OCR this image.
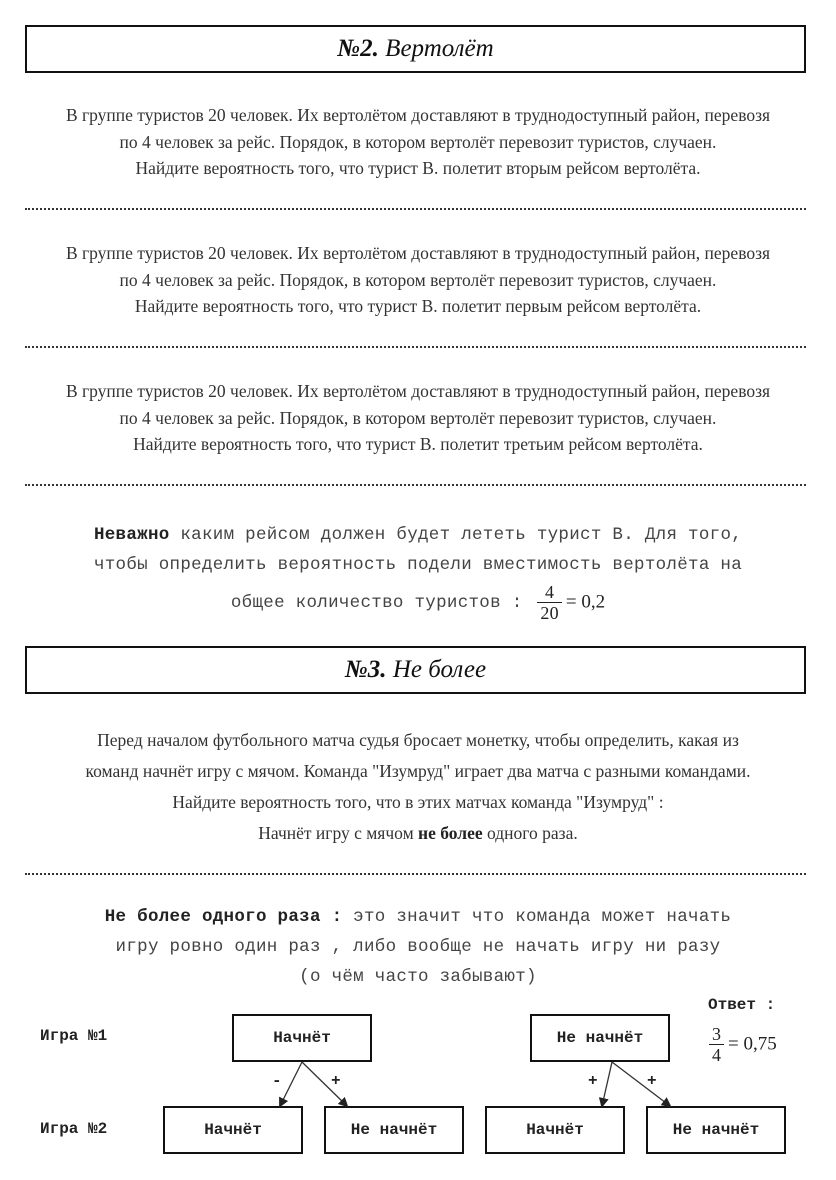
№2. Вертолёт
В группе туристов 20 человек. Их вертолётом доставляют в труднодоступный район, перевозя
по 4 человек за рейс. Порядок, в котором вертолёт перевозит туристов, случаен.
Найдите вероятность того, что турист В. полетит вторым рейсом вертолёта.
В группе туристов 20 человек. Их вертолётом доставляют в труднодоступный район, перевозя
по 4 человек за рейс. Порядок, в котором вертолёт перевозит туристов, случаен.
Найдите вероятность того, что турист В. полетит первым рейсом вертолёта.
В группе туристов 20 человек. Их вертолётом доставляют в труднодоступный район, перевозя
по 4 человек за рейс. Порядок, в котором вертолёт перевозит туристов, случаен.
Найдите вероятность того, что турист В. полетит третьим рейсом вертолёта.
Неважно каким рейсом должен будет лететь турист В. Для того,
чтобы определить вероятность подели вместимость вертолёта на
общее количество туристов : $\frac{4}{20} = 0,2$
№3. Не более
Перед началом футбольного матча судья бросает монетку, чтобы определить, какая из
команд начнёт игру с мячом. Команда "Изумруд" играет два матча с разными командами.
Найдите вероятность того, что в этих матчах команда "Изумруд" :
Начнёт игру с мячом не более одного раза.
Не более одного раза : это значит что команда может начать
игру ровно один раз , либо вообще не начать игру ни разу
(о чём часто забывают)
Ответ :
$\frac{3}{4} = 0,75$
Игра №1
Игра №2
Начнёт	Не начнёт
Начнёт	Не начнёт	Начнёт	Не начнёт
-	+	+	+
